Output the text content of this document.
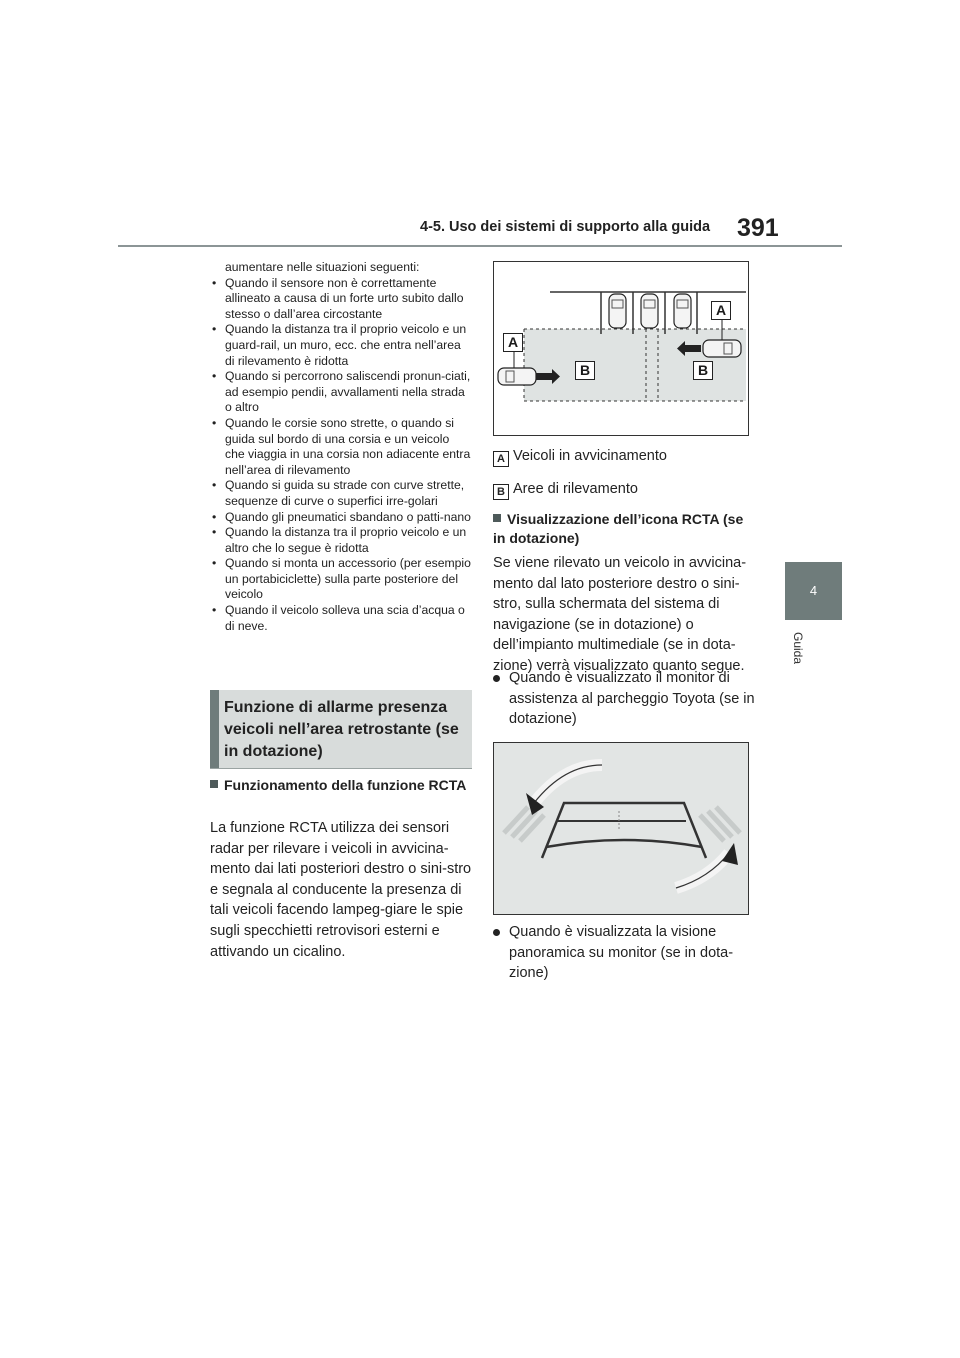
4-5. Uso dei sistemi di supporto alla guida 391
4
Guida
aumentare nelle situazioni seguenti:
• Quando il sensore non è correttamente allineato a causa di un forte urto subito dallo stesso o dall’area circostante
• Quando la distanza tra il proprio veicolo e un guard-rail, un muro, ecc. che entra nell’area di rilevamento è ridotta
• Quando si percorrono saliscendi pronun-ciati, ad esempio pendii, avvallamenti nella strada o altro
• Quando le corsie sono strette, o quando si guida sul bordo di una corsia e un veicolo che viaggia in una corsia non adiacente entra nell’area di rilevamento
• Quando si guida su strade con curve strette, sequenze di curve o superfici irre-golari
• Quando gli pneumatici sbandano o patti-nano
• Quando la distanza tra il proprio veicolo e un altro che lo segue è ridotta
• Quando si monta un accessorio (per esempio un portabiciclette) sulla parte posteriore del veicolo
• Quando il veicolo solleva una scia d’acqua o di neve.
Funzione di allarme presenza veicoli nell’area retrostante (se in dotazione)
Funzionamento della funzione RCTA
La funzione RCTA utilizza dei sensori radar per rilevare i veicoli in avvicina-mento dai lati posteriori destro o sini-stro e segnala al conducente la presenza di tali veicoli facendo lampeg-giare le spie sugli specchietti retrovisori esterni e attivando un cicalino.
A
A
B	B
A Veicoli in avvicinamento
B Aree di rilevamento
Visualizzazione dell’icona RCTA (se in dotazione)
Se viene rilevato un veicolo in avvicina-mento dal lato posteriore destro o sini-stro, sulla schermata del sistema di navigazione (se in dotazione) o dell’impianto multimediale (se in dota-zione) verrà visualizzato quanto segue.
Quando è visualizzato il monitor di assistenza al parcheggio Toyota (se in dotazione)
Quando è visualizzata la visione panoramica su monitor (se in dota-zione)
